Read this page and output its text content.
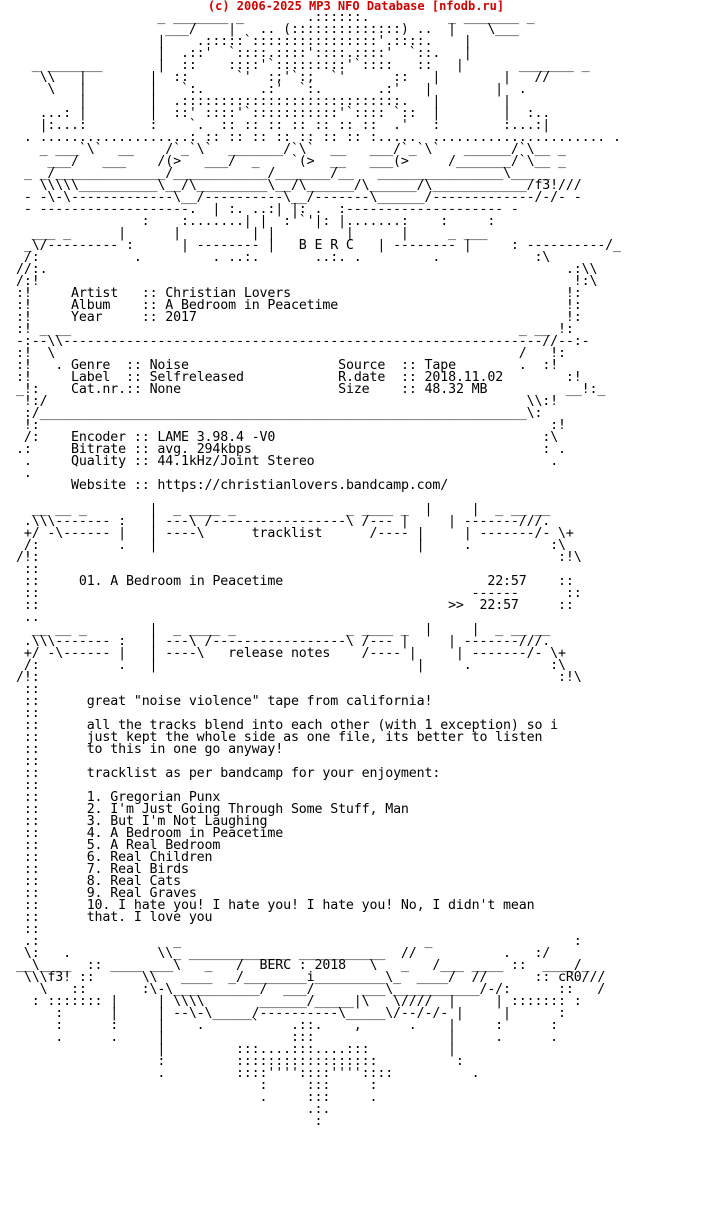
(c) 2006-2025 MP3 NFO Database [nfodb.ru]
_ _______ _        .::::::.          _ _______ _
___/    |   .. (::::::::::::::) ..  |    \___
|    .:::::`::::::::::::::::'.::::.    |
|  .::'  `::::.::::'::::.::::'  `::.   |
_ _______       |  ::    ::::'`:::::::::'`::::   ::   |       _______ _
\\   |        |  ::      `'  :;'`:;  `'      ::   |        |   //
\   |        |   `:.       .:'  `:.       .:'   |        |  .
|        |  .::::::::::::::::::::::::::::.   |        |
...: |        |  ::' ::::'`:::::::::::'`:::: `::  |        |  :..
|:...:        :    `.  :: :: :: :: :: :: ::  .'   :        :...:|
. ...................: :: :: :: :: :: :: :: :.....  ...................... .
_ ___`\`  __    /`_`\`  _______/`\`  __   ___/`_`\`   ______/`\__ _
___/   ___    /(>   ___/  _    `(>  __   ___(>     /_______/`\__ _
_ _/______________/____________/_______/__   ________________\___ _
\\\\\__________\__/\_________\__/\______/\______/\____________/f3!///
- -\-\-------------\__/----------\__/-------\______/-------------/-/- -
- -------------------.  | :. ..:| |: .  :-------------------- -
:    :.......| |  :'`'|: |.......:    :     :
___ _      |      |         | |         |      |     _ ___
_\/--------- :      | -------- |   B E R C   | -------- |     : ----------/_
/:            .         . ..:.       ..:. .         .            :\
//:.                                                                  .:\\
/:!                                                                    !:\
:!	Artist   :: Christian Lovers	!:
:!	Album    :: A Bedroom in Peacetime	!:
:!	Year     :: 2017	!:
:! _ __                                                         _ __ !:
-:--\\-------------------------------------------------------------//--:-
:!  \                                                           /   !:
:!   . Genre  :: Noise                   Source  :: Tape	.  :!
:!	Label  :: Selfreleased            R.date  :: 2018.11.02	:!
_!:    Cat.nr.:: None                    Size    :: 48.32 MB	__!:_
!:/                                                             \\:!
:/______________________________________________________________\:
!:                                                                 :!
/:    Encoder :: LAME 3.98.4 -V0	:\
.:	Bitrate :: avg. 294kbps	: .
.	Quality :: 44.1kHz/Joint Stereo	.
.
Website :: https://christianlovers.bandcamp.com/

__ __ _        |  _ ____ _              _ ____ _  |     |  _ __ __
.\\\------- :   | ---\ /-----------------\ /--- |     | -------///.
+/ -\------ |   | ----\	tracklist	/---- |     | -------/- \+
/:          .   |                                 |     .          :\
/!:                                                                  :!\
::
::	01. A Bedroom in Peacetime                          22:57    ::
::                                                       ------      ::
::	>> 22:57	::
..
__ __ _        |  _ ____ _              _ ____ _  |     |  _ __ __
.\\\------- :   | ---\ /-----------------\ /--- |     | -------///.
+/ -\------ |   | ----\   release notes    /---- |     | -------/- \+
/:          .   |                                 |     .          :\
/!:                                                                  :!\
::
::	great "noise violence" tape from california!
::
::	all the tracks blend into each other (with 1 exception) so i
::	just kept the whole side as one file, its better to listen
::	to this in one go anyway!
::
::	tracklist as per bandcamp for your enjoyment:
::
::	1. Gregorian Punx
::	2. I'm Just Going Through Some Stuff, Man
::	3. But I'm Not Laughing
::	4. A Bedroom in Peacetime
::	5. A Real Bedroom
::	6. Real Children
::	7. Real Birds
::	8. Real Cats
::	9. Real Graves
::	10. I hate you! I hate you! I hate you! No, I didn't mean
::	that. I love you
::
.:                 _                               _                  :
\:   .           \\_ _____________ ___________  //           .   :/
__\____  :: ____ ___\   _   /  BERC : 2018   \   _   /___ ____ ::  ____/_
\\\f3! ::      \\   ____  _/________i_________\_  ____/  //      :: cR0///
\   ::       :\-\___________/  ___/      ___\___________/-/:      ::   /
: ::::::: |     | \\\\       ______/_____|\   \////  |     | ::::::: :
:      |     | --\-\_____/----------\_____\/--/-/- |     |      :
:      :     |    .      `    .::.    ,      .    |     :      :
.      .     |                :::                 |     .      .
|         :::....:::....:::          |
:         ::::::::::::::::::          :
.         ::::''''::::''''::::          .
:     :::     :
.     :::     .
.:.
:
